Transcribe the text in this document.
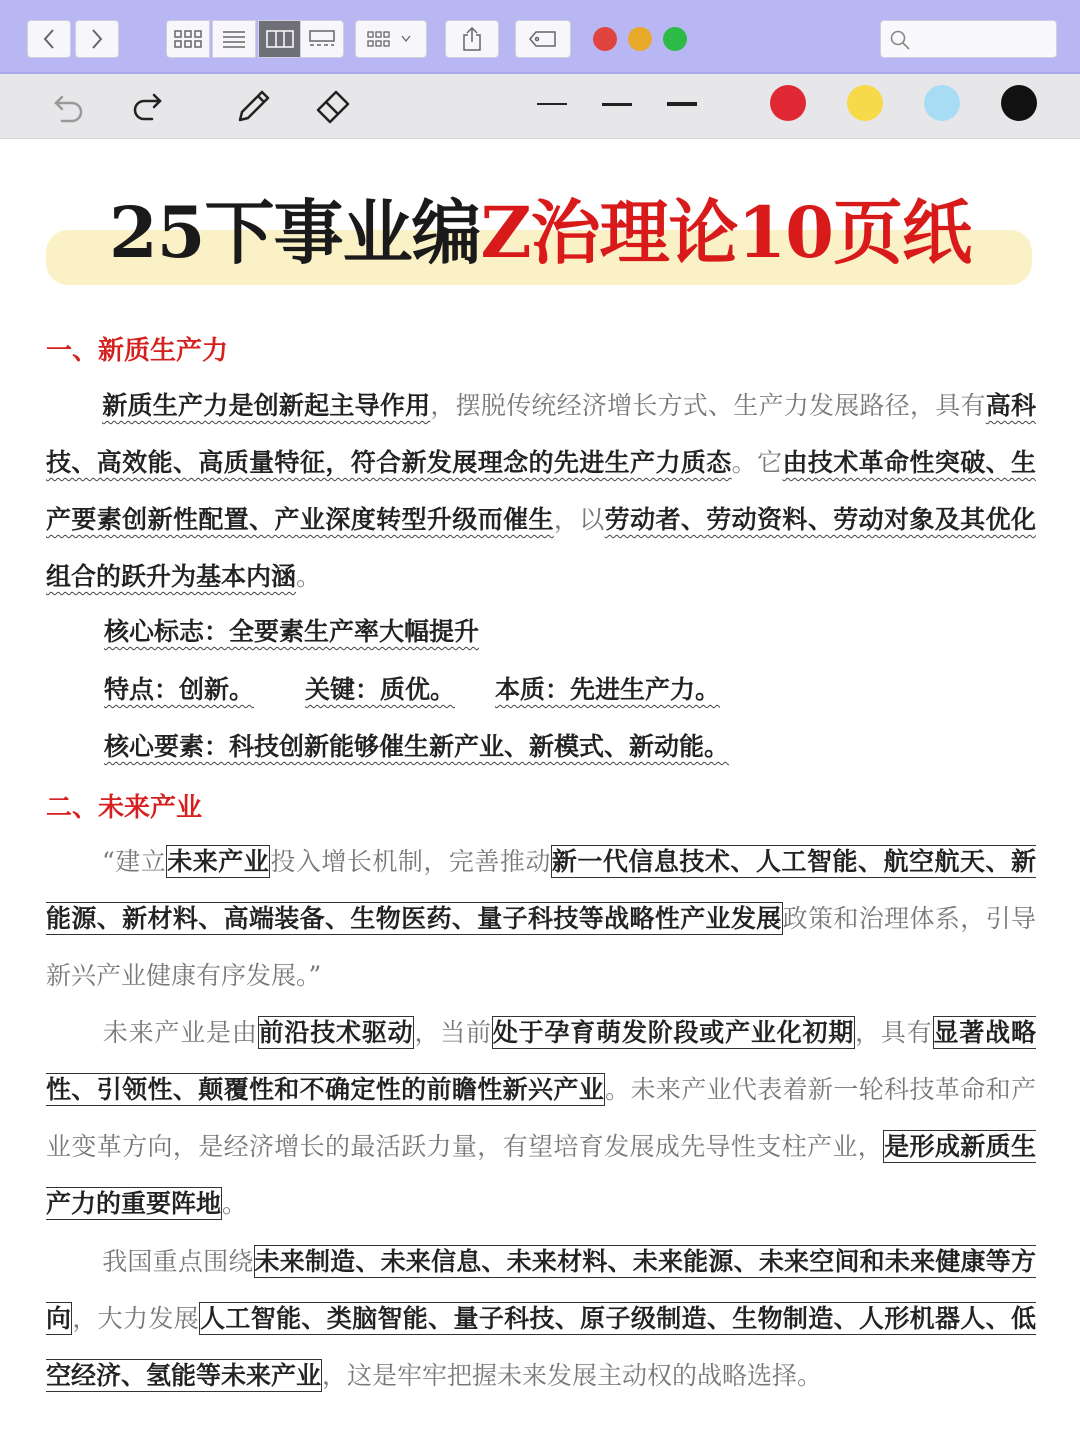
25下事业编Z治理论10页纸
一、新质生产力
新质生产力是创新起主导作用，摆脱传统经济增长方式、生产力发展路径，具有高科技、高效能、高质量特征，符合新发展理念的先进生产力质态。它由技术革命性突破、生产要素创新性配置、产业深度转型升级而催生，以劳动者、劳动资料、劳动对象及其优化组合的跃升为基本内涵。
核心标志：全要素生产率大幅提升
特点：创新。 关键：质优。 本质：先进生产力。
核心要素：科技创新能够催生新产业、新模式、新动能。
二、未来产业
“建立未来产业投入增长机制，完善推动新一代信息技术、人工智能、航空航天、新能源、新材料、高端装备、生物医药、量子科技等战略性产业发展政策和治理体系，引导新兴产业健康有序发展。”
未来产业是由前沿技术驱动，当前处于孕育萌发阶段或产业化初期，具有显著战略性、引领性、颠覆性和不确定性的前瞻性新兴产业。未来产业代表着新一轮科技革命和产业变革方向，是经济增长的最活跃力量，有望培育发展成先导性支柱产业，是形成新质生产力的重要阵地。
我国重点围绕未来制造、未来信息、未来材料、未来能源、未来空间和未来健康等方向，大力发展人工智能、类脑智能、量子科技、原子级制造、生物制造、人形机器人、低空经济、氢能等未来产业，这是牢牢把握未来发展主动权的战略选择。
